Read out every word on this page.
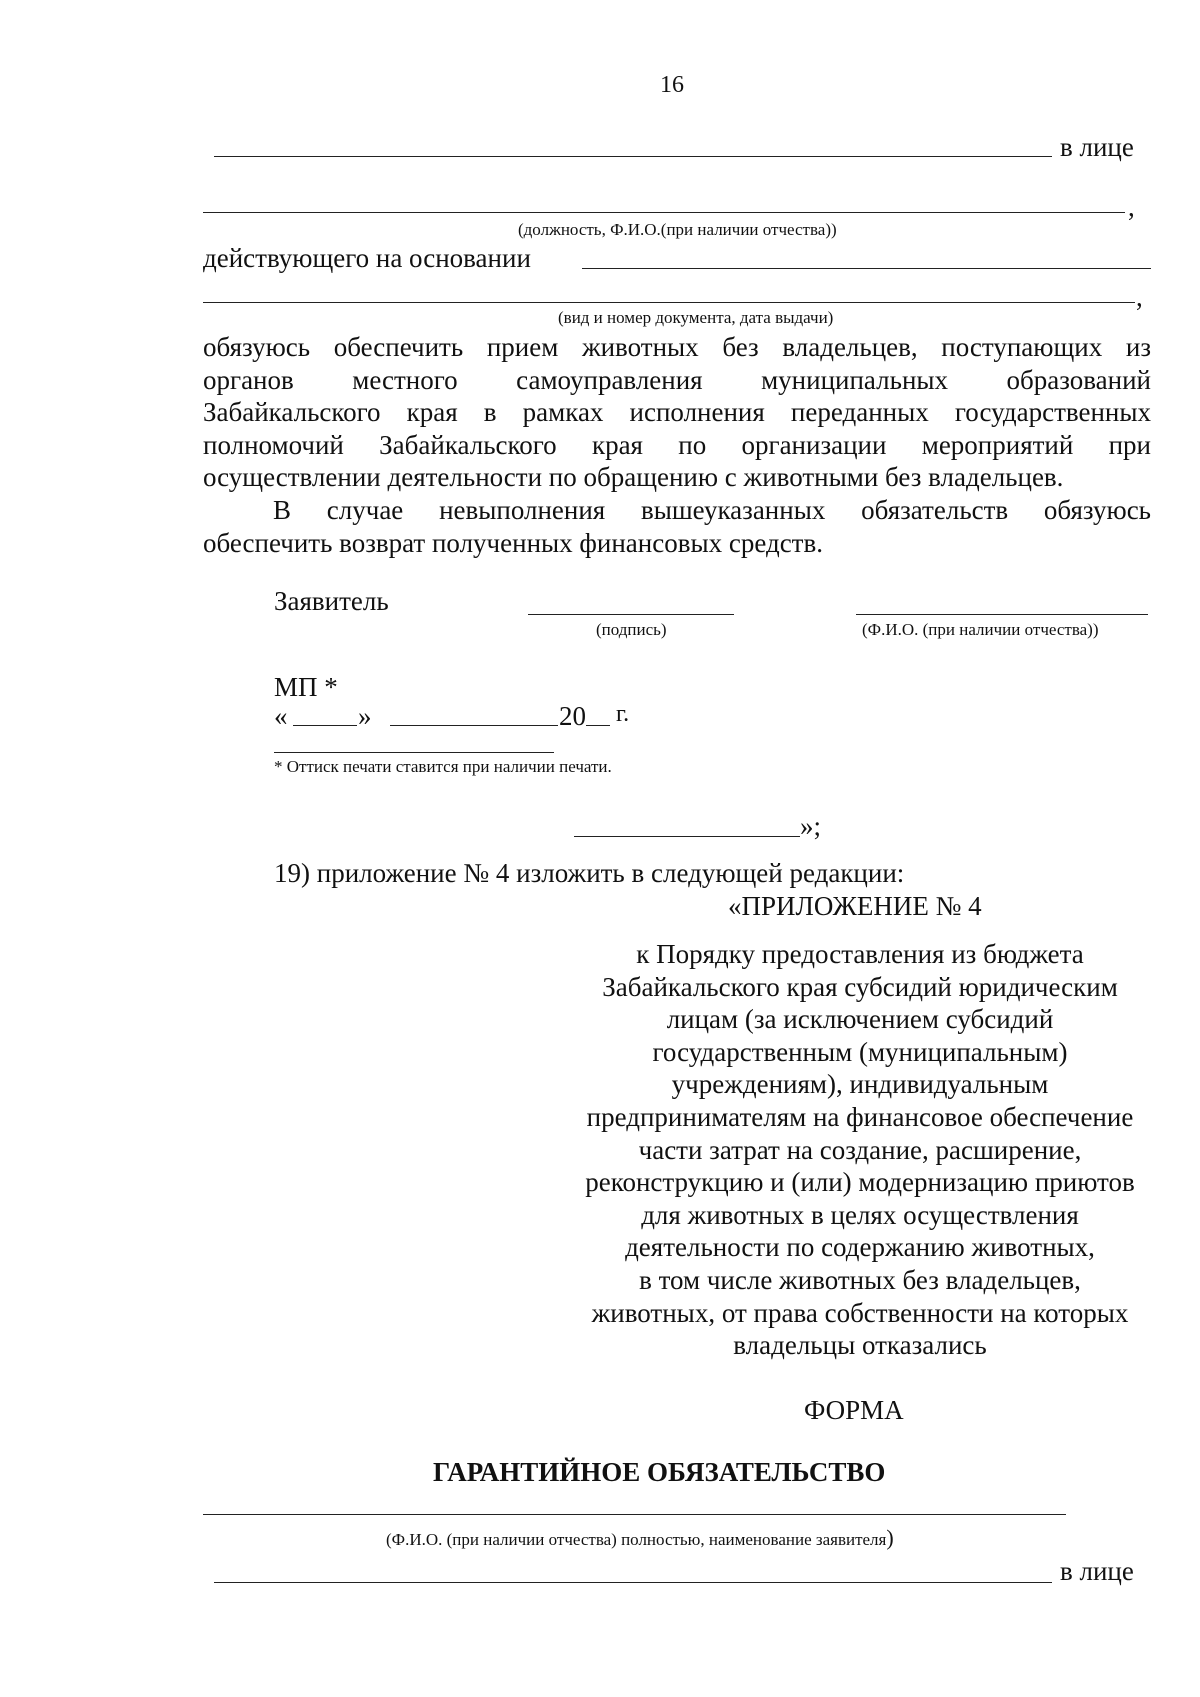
16
в лице
,
(должность, Ф.И.О.(при наличии отчества))
действующего на основании
,
(вид и номер документа, дата выдачи)
обязуюсь обеспечить прием животных без владельцев, поступающих из
органов местного самоуправления муниципальных образований
Забайкальского края в рамках исполнения переданных государственных
полномочий Забайкальского края по организации мероприятий при
осуществлении деятельности по обращению с животными без владельцев.
В случае невыполнения вышеуказанных обязательств обязуюсь
обеспечить возврат полученных финансовых средств.
Заявитель
(подпись)	(Ф.И.О. (при наличии отчества))
МП *
«	»	20 г.
* Оттиск печати ставится при наличии печати.
»;
19) приложение № 4 изложить в следующей редакции:
«ПРИЛОЖЕНИЕ № 4
к Порядку предоставления из бюджета
Забайкальского края субсидий юридическим
лицам (за исключением субсидий
государственным (муниципальным)
учреждениям), индивидуальным
предпринимателям на финансовое обеспечение
части затрат на создание, расширение,
реконструкцию и (или) модернизацию приютов
для животных в целях осуществления
деятельности по содержанию животных,
в том числе животных без владельцев,
животных, от права собственности на которых
владельцы отказались
ФОРМА
ГАРАНТИЙНОЕ ОБЯЗАТЕЛЬСТВО
(Ф.И.О. (при наличии отчества) полностью, наименование заявителя)
в лице
